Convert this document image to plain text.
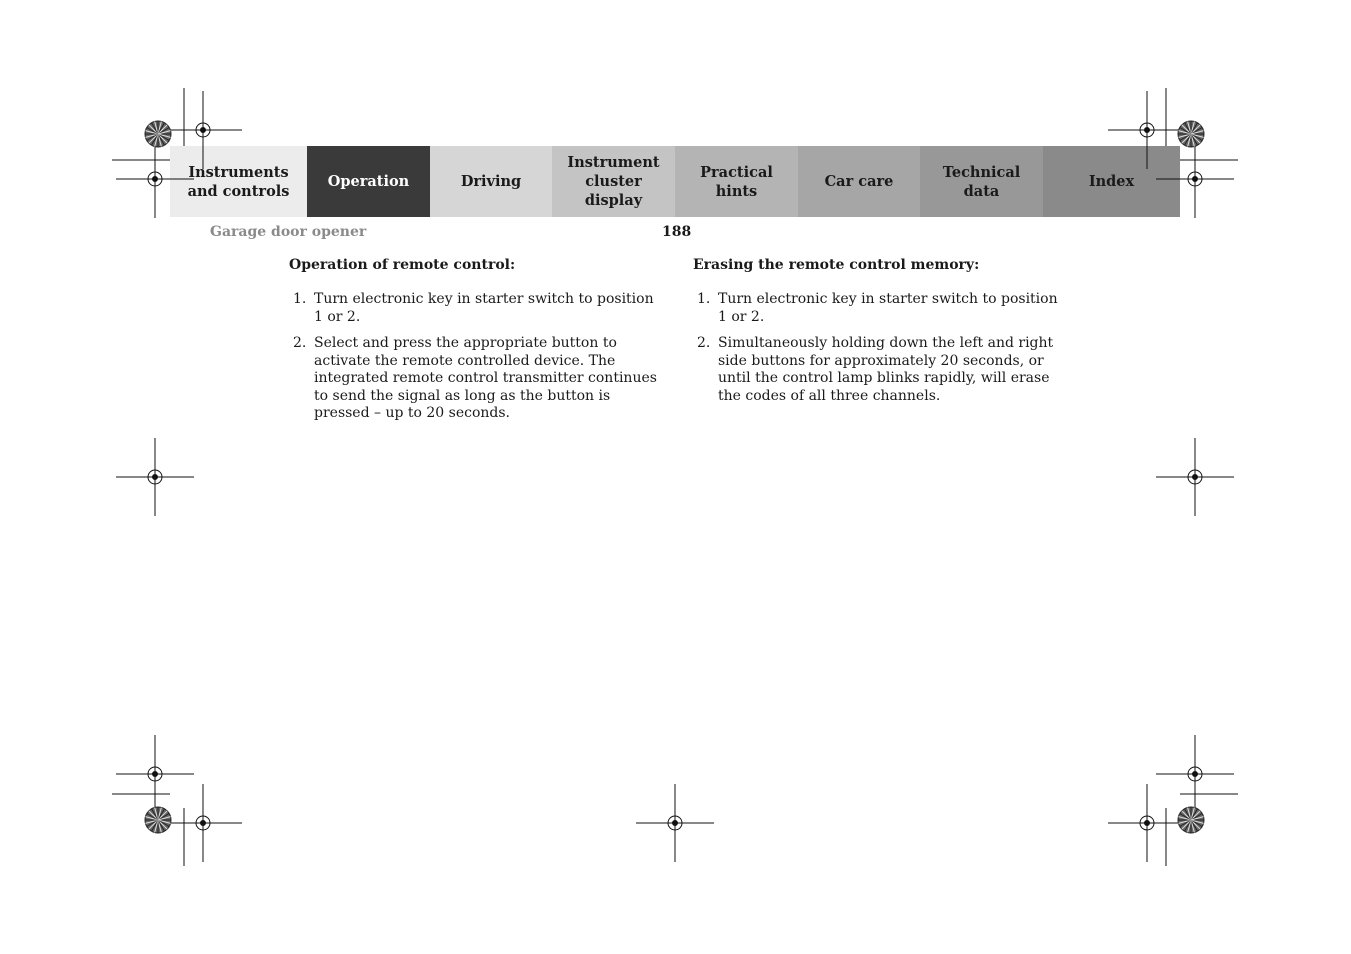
Instruments
and controls
Operation	Driving
Instrument
cluster display
Practical hints
Car care
Technical
data
Index
Garage door opener	188
Operation of remote control:
1. Turn electronic key in starter switch to position 1 or 2.
2. Select and press the appropriate button to activate the remote controlled device. The integrated remote control transmitter continues to send the signal as long as the button is pressed – up to 20 seconds.
Erasing the remote control memory:
1. Turn electronic key in starter switch to position 1 or 2.
2. Simultaneously holding down the left and right side buttons for approximately 20 seconds, or until the control lamp blinks rapidly, will erase the codes of all three channels.
